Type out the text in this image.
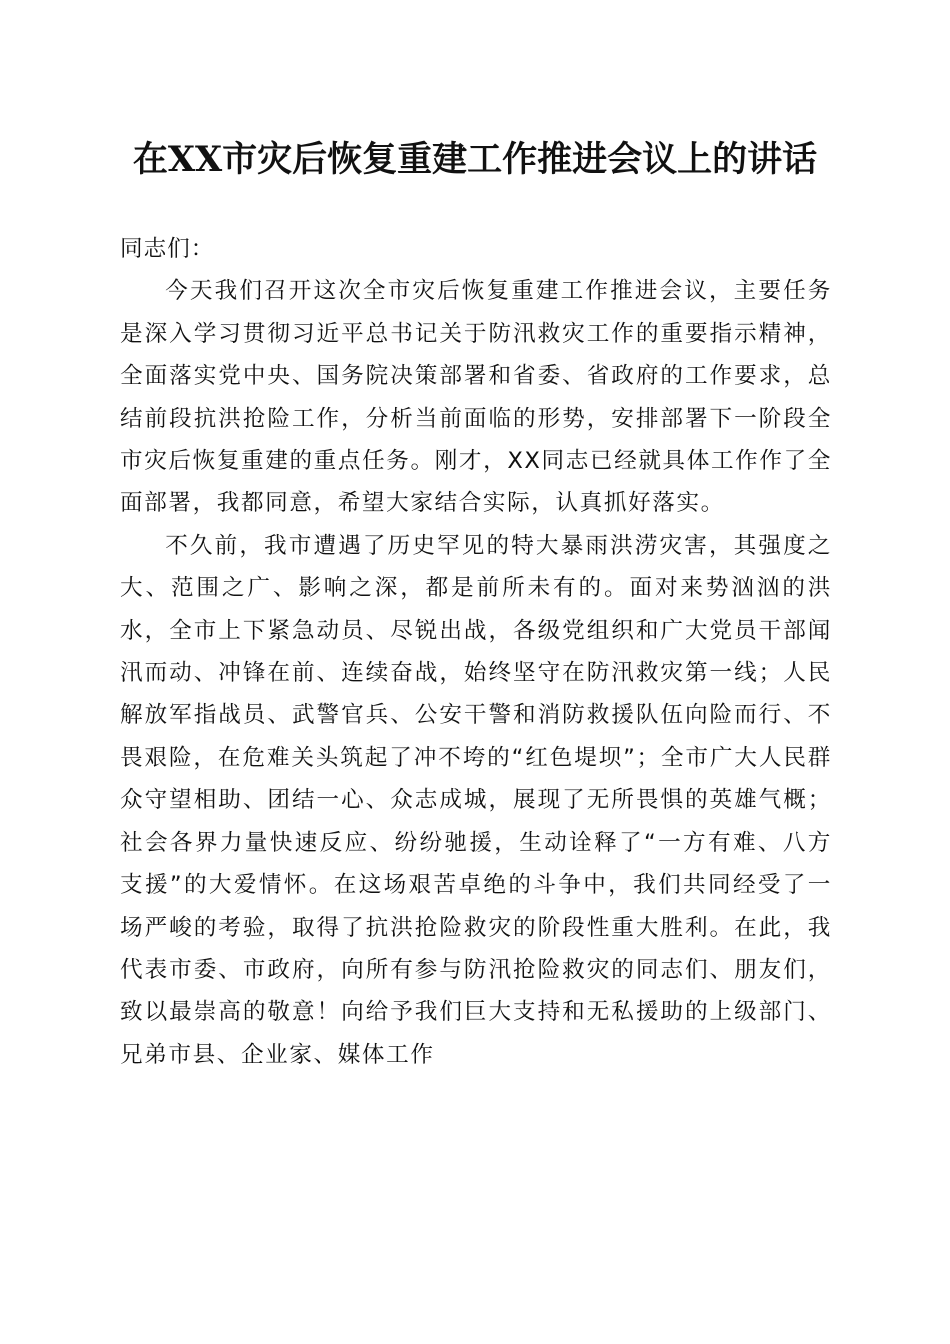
在XX市灾后恢复重建工作推进会议上的讲话

同志们：

今天我们召开这次全市灾后恢复重建工作推进会议，主要任务是深入学习贯彻习近平总书记关于防汛救灾工作的重要指示精神，全面落实党中央、国务院决策部署和省委、省政府的工作要求，总结前段抗洪抢险工作，分析当前面临的形势，安排部署下一阶段全市灾后恢复重建的重点任务。刚才，XX同志已经就具体工作作了全面部署，我都同意，希望大家结合实际，认真抓好落实。

不久前，我市遭遇了历史罕见的特大暴雨洪涝灾害，其强度之大、范围之广、影响之深，都是前所未有的。面对来势汹汹的洪水，全市上下紧急动员、尽锐出战，各级党组织和广大党员干部闻汛而动、冲锋在前、连续奋战，始终坚守在防汛救灾第一线；人民解放军指战员、武警官兵、公安干警和消防救援队伍向险而行、不畏艰险，在危难关头筑起了冲不垮的“红色堤坝”；全市广大人民群众守望相助、团结一心、众志成城，展现了无所畏惧的英雄气概；社会各界力量快速反应、纷纷驰援，生动诠释了“一方有难、八方支援”的大爱情怀。在这场艰苦卓绝的斗争中，我们共同经受了一场严峻的考验，取得了抗洪抢险救灾的阶段性重大胜利。在此，我代表市委、市政府，向所有参与防汛抢险救灾的同志们、朋友们，致以最崇高的敬意！向给予我们巨大支持和无私援助的上级部门、兄弟市县、企业家、媒体工作
